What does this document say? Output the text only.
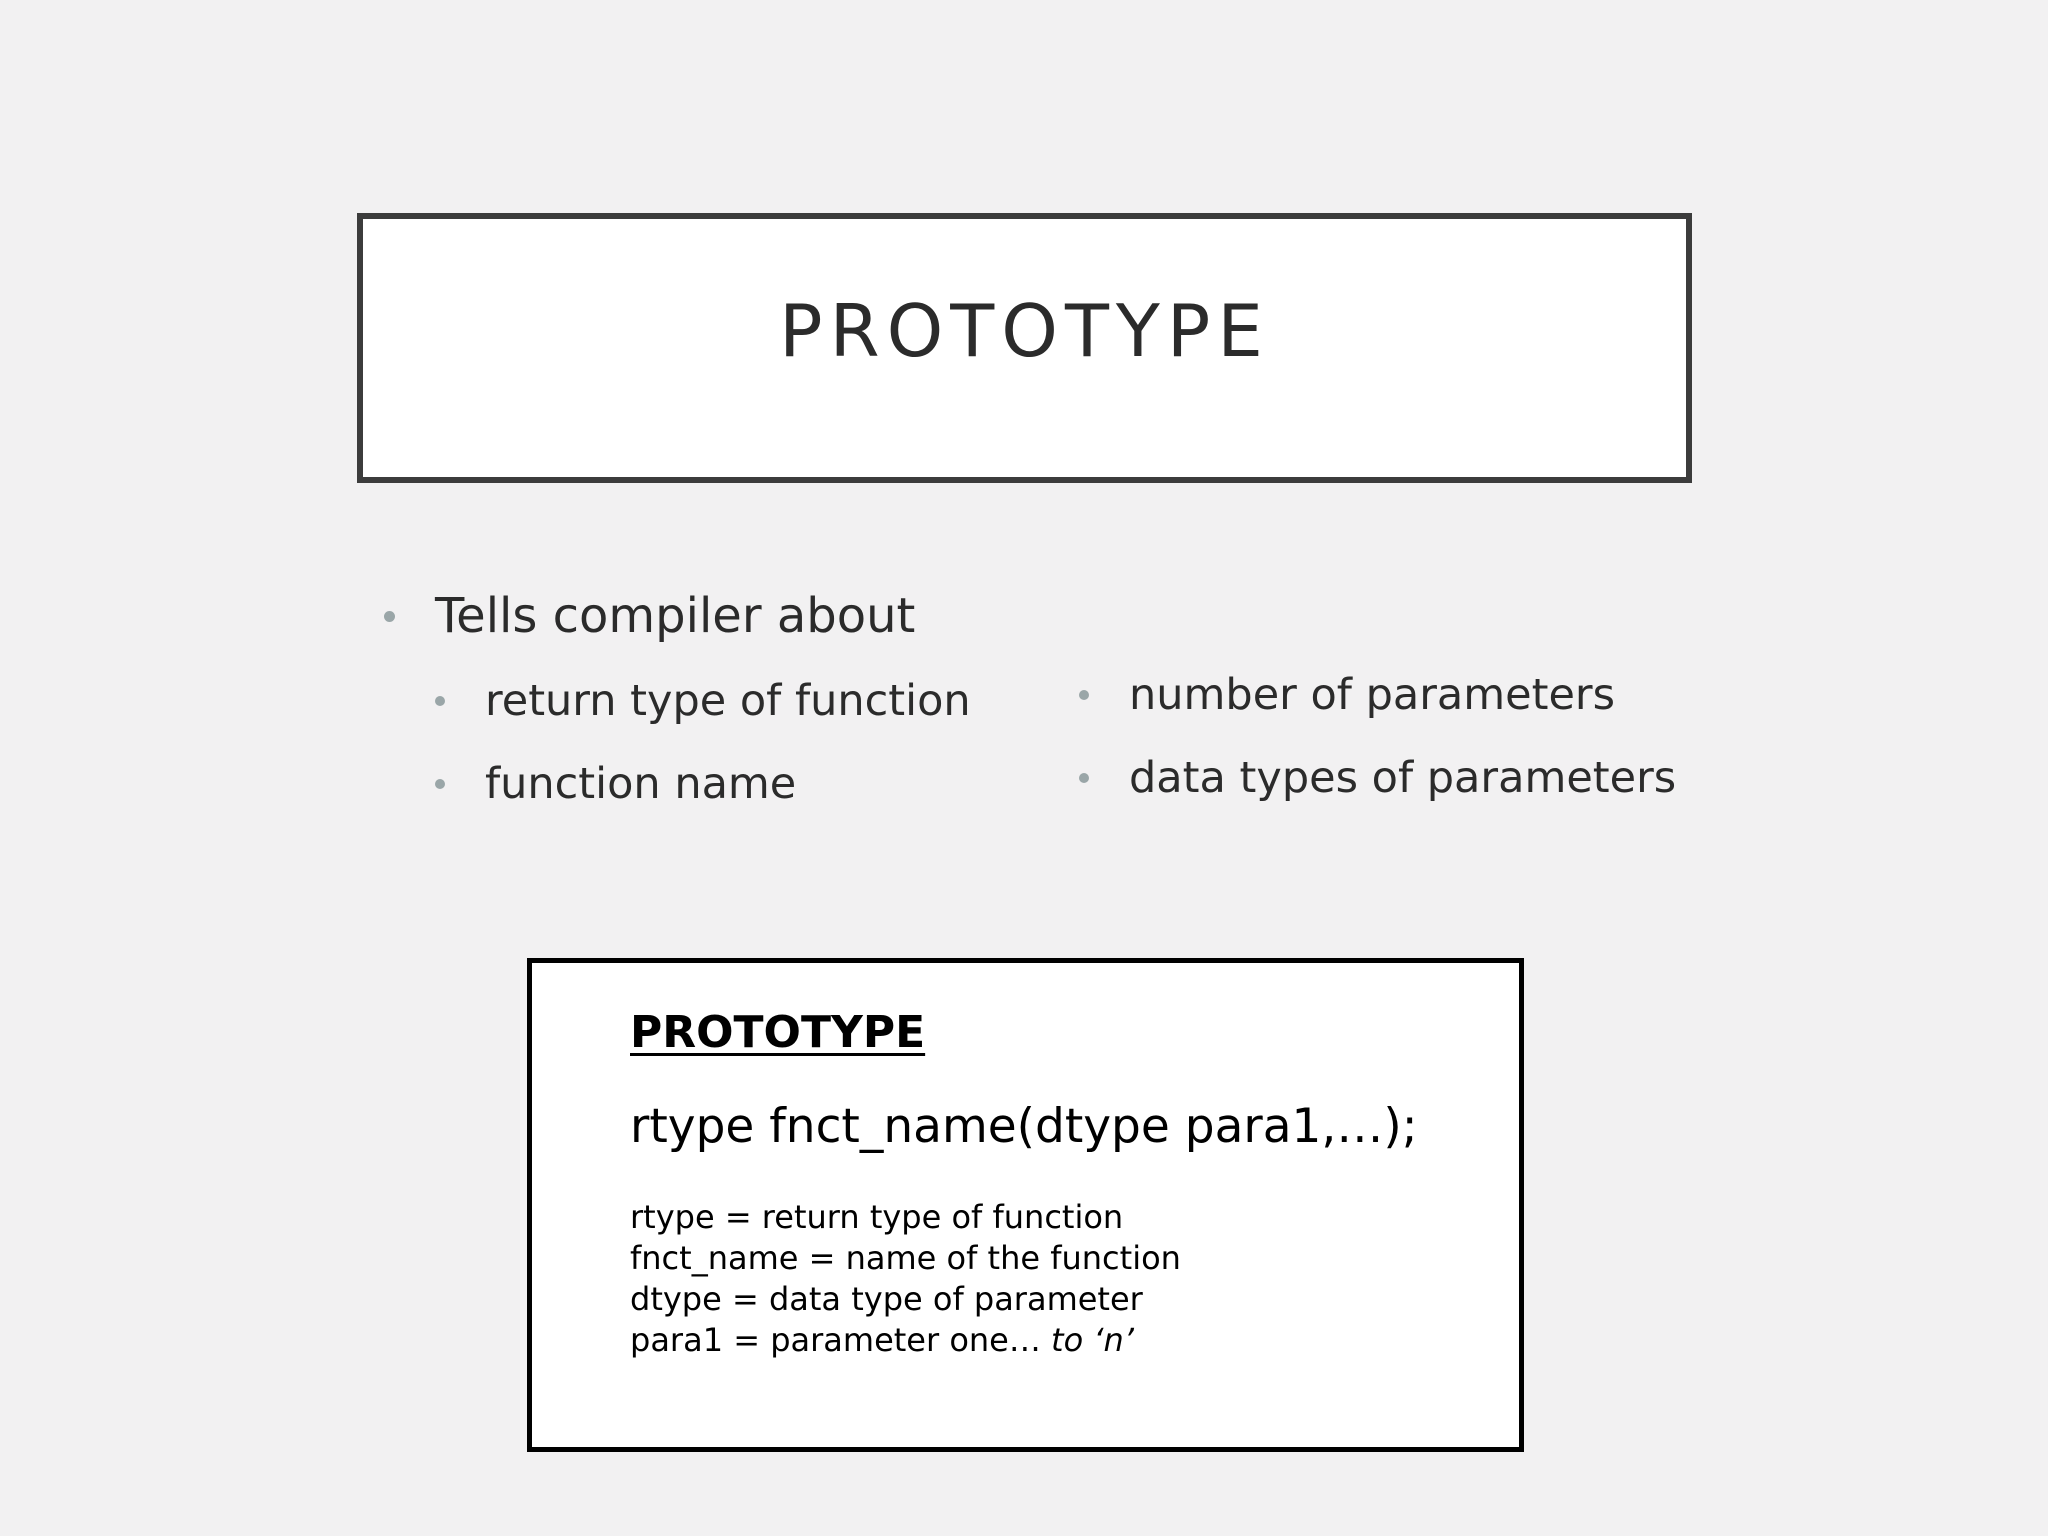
PROTOTYPE
Tells compiler about
return type of function
function name
number of parameters
data types of parameters
PROTOTYPE
rtype fnct_name(dtype para1,…);
rtype = return type of function
fnct_name = name of the function
dtype = data type of parameter
para1 = parameter one… to ‘n’
